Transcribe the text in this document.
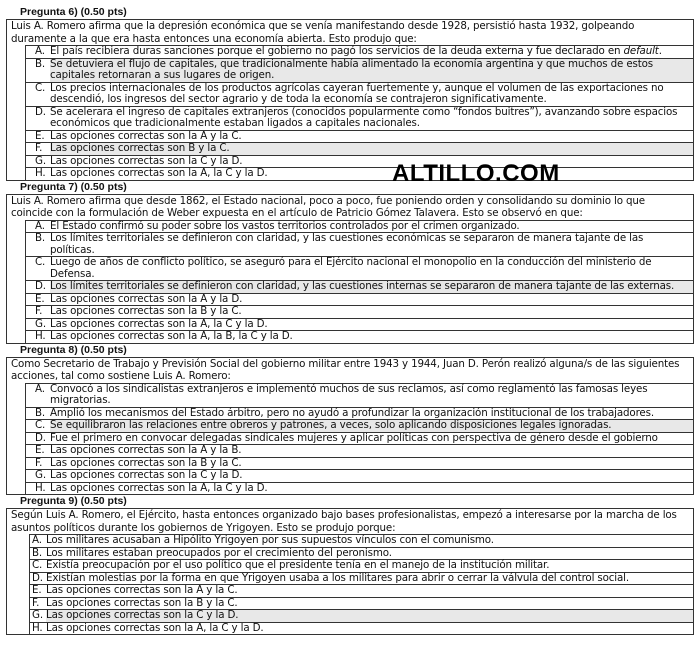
Pregunta 6) (0.50 pts)
Luis A. Romero afirma que la depresión económica que se venía manifestando desde 1928, persistió hasta 1932, golpeando duramente a la que era hasta entonces una economía abierta. Esto produjo que:
A. El país recibiera duras sanciones porque el gobierno no pagó los servicios de la deuda externa y fue declarado en default.
B. Se detuviera el flujo de capitales, que tradicionalmente había alimentado la economía argentina y que muchos de estos capitales retornaran a sus lugares de origen.
C. Los precios internacionales de los productos agrícolas cayeran fuertemente y, aunque el volumen de las exportaciones no descendió, los ingresos del sector agrario y de toda la economía se contrajeron significativamente.
D. Se acelerara el ingreso de capitales extranjeros (conocidos popularmente como “fondos buitres”), avanzando sobre espacios económicos que tradicionalmente estaban ligados a capitales nacionales.
E. Las opciones correctas son la A y la C.
F. Las opciones correctas son B y la C.
G. Las opciones correctas son la C y la D.
H. Las opciones correctas son la A, la C y la D.
Pregunta 7) (0.50 pts)
Luis A. Romero afirma que desde 1862, el Estado nacional, poco a poco, fue poniendo orden y consolidando su dominio lo que coincide con la formulación de Weber expuesta en el artículo de Patricio Gómez Talavera. Esto se observó en que:
A. El Estado confirmó su poder sobre los vastos territorios controlados por el crimen organizado.
B. Los límites territoriales se definieron con claridad, y las cuestiones económicas se separaron de manera tajante de las políticas.
C. Luego de años de conflicto político, se aseguró para el Ejército nacional el monopolio en la conducción del ministerio de Defensa.
D. Los límites territoriales se definieron con claridad, y las cuestiones internas se separaron de manera tajante de las externas.
E. Las opciones correctas son la A y la D.
F. Las opciones correctas son la B y la C.
G. Las opciones correctas son la A, la C y la D.
H. Las opciones correctas son la A, la B, la C y la D.
Pregunta 8) (0.50 pts)
Como Secretario de Trabajo y Previsión Social del gobierno militar entre 1943 y 1944, Juan D. Perón realizó alguna/s de las siguientes acciones, tal como sostiene Luis A. Romero:
A. Convocó a los sindicalistas extranjeros e implementó muchos de sus reclamos, así como reglamentó las famosas leyes migratorias.
B. Amplió los mecanismos del Estado árbitro, pero no ayudó a profundizar la organización institucional de los trabajadores.
C. Se equilibraron las relaciones entre obreros y patrones, a veces, solo aplicando disposiciones legales ignoradas.
D. Fue el primero en convocar delegadas sindicales mujeres y aplicar políticas con perspectiva de género desde el gobierno
E. Las opciones correctas son la A y la B.
F. Las opciones correctas son la B y la C.
G. Las opciones correctas son la C y la D.
H. Las opciones correctas son la A, la C y la D.
Pregunta 9) (0.50 pts)
Según Luis A. Romero, el Ejército, hasta entonces organizado bajo bases profesionalistas, empezó a interesarse por la marcha de los asuntos políticos durante los gobiernos de Yrigoyen. Esto se produjo porque:
A. Los militares acusaban a Hipólito Yrigoyen por sus supuestos vínculos con el comunismo.
B. Los militares estaban preocupados por el crecimiento del peronismo.
C. Existía preocupación por el uso político que el presidente tenía en el manejo de la institución militar.
D. Existían molestias por la forma en que Yrigoyen usaba a los militares para abrir o cerrar la válvula del control social.
E. Las opciones correctas son la A y la C.
F. Las opciones correctas son la B y la C.
G. Las opciones correctas son la C y la D.
H. Las opciones correctas son la A, la C y la D.
ALTILLO.COM
